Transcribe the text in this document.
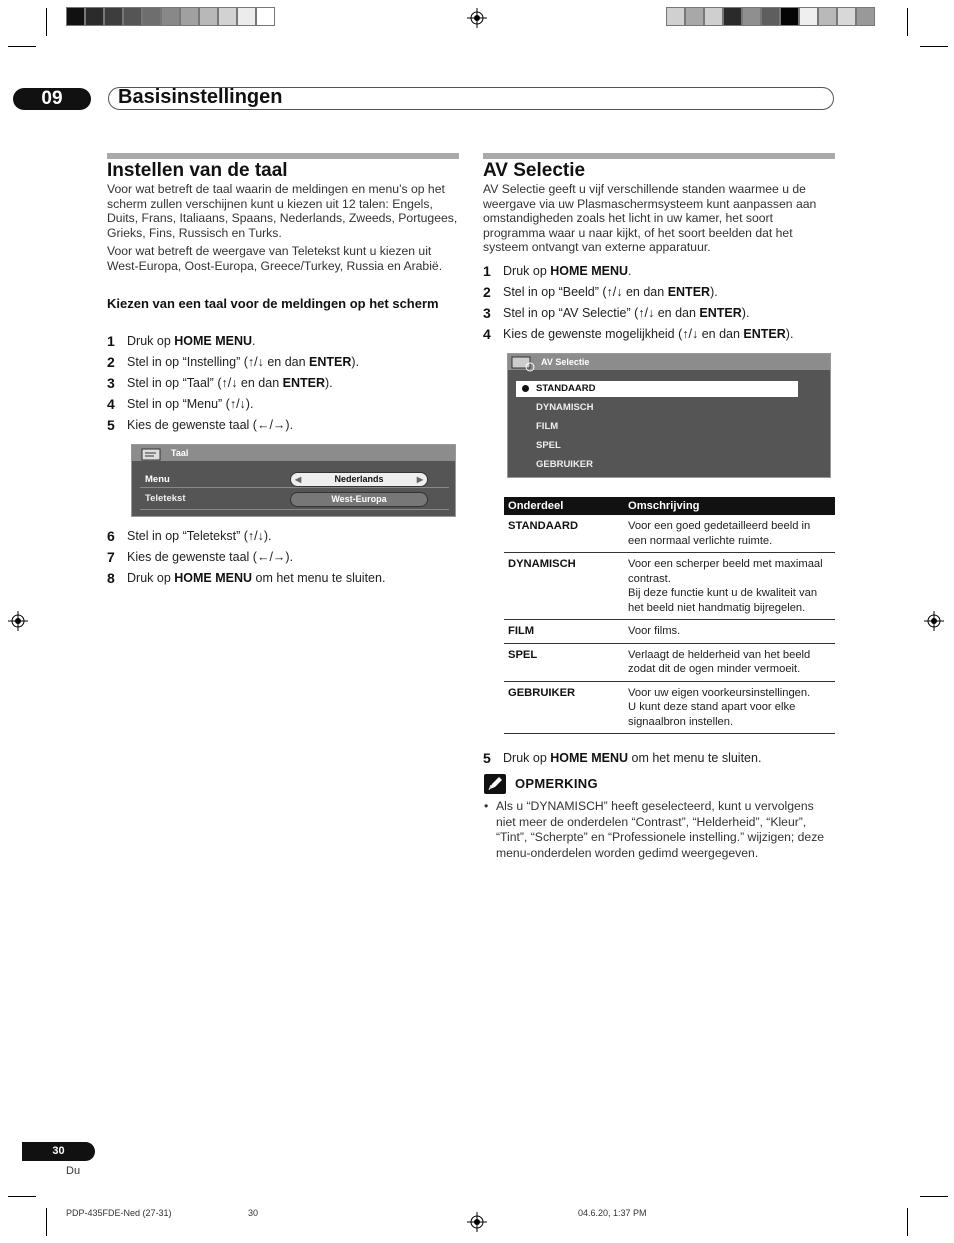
09	Basisinstellingen
Instellen van de taal

Voor wat betreft de taal waarin de meldingen en menu’s op het scherm zullen verschijnen kunt u kiezen uit 12 talen: Engels, Duits, Frans, Italiaans, Spaans, Nederlands, Zweeds, Portugees, Grieks, Fins, Russisch en Turks.

Voor wat betreft de weergave van Teletekst kunt u kiezen uit West-Europa, Oost-Europa, Greece/Turkey, Russia en Arabië.

Kiezen van een taal voor de meldingen op het scherm
1 Druk op HOME MENU.
2 Stel in op “Instelling” (↑/↓ en dan ENTER).
3 Stel in op “Taal” (↑/↓ en dan ENTER).
4 Stel in op “Menu” (↑/↓).
5 Kies de gewenste taal (←/→).
Taal
Menu	◀	Nederlands	▶
Teletekst	West-Europa
6 Stel in op “Teletekst” (↑/↓).
7 Kies de gewenste taal (←/→).
8 Druk op HOME MENU om het menu te sluiten.
AV Selectie
AV Selectie geeft u vijf verschillende standen waarmee u de weergave via uw Plasmaschermsysteem kunt aanpassen aan omstandigheden zoals het licht in uw kamer, het soort programma waar u naar kijkt, of het soort beelden dat het systeem ontvangt van externe apparatuur.
1 Druk op HOME MENU.
2 Stel in op “Beeld” (↑/↓ en dan ENTER).
3 Stel in op “AV Selectie” (↑/↓ en dan ENTER).
4 Kies de gewenste mogelijkheid (↑/↓ en dan ENTER).
AV Selectie
STANDAARD
DYNAMISCH
FILM
SPEL
GEBRUIKER
Onderdeel	Omschrijving
STANDAARD	Voor een goed gedetailleerd beeld in een normaal verlichte ruimte.
DYNAMISCH	Voor een scherper beeld met maximaal contrast.
Bij deze functie kunt u de kwaliteit van het beeld niet handmatig bijregelen.

FILM	Voor films.
SPEL	Verlaagt de helderheid van het beeld zodat dit de ogen minder vermoeit.
GEBRUIKER	Voor uw eigen voorkeursinstellingen.
U kunt deze stand apart voor elke signaalbron instellen.
5 Druk op HOME MENU om het menu te sluiten.
OPMERKING
• Als u “DYNAMISCH” heeft geselecteerd, kunt u vervolgens niet meer de onderdelen “Contrast”, “Helderheid”, “Kleur”, “Tint”, “Scherpte” en “Professionele instelling.” wijzigen; deze menu-onderdelen worden gedimd weergegeven.
30
Du
PDP-435FDE-Ned (27-31)	30	04.6.20, 1:37 PM
